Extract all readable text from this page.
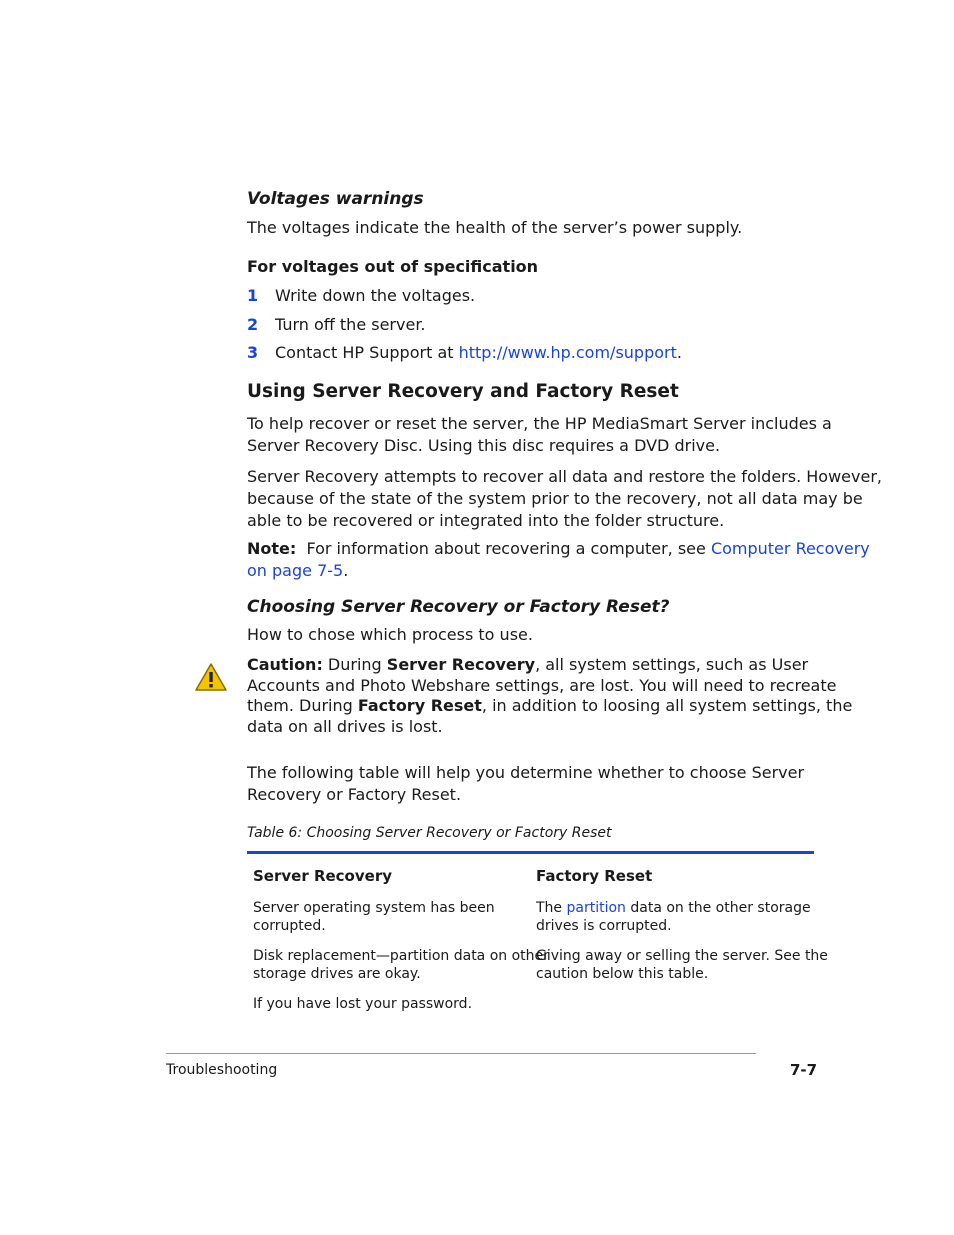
Voltages warnings
The voltages indicate the health of the server’s power supply.
For voltages out of specification
1 Write down the voltages.
2 Turn off the server.
3 Contact HP Support at http://www.hp.com/support.
Using Server Recovery and Factory Reset
To help recover or reset the server, the HP MediaSmart Server includes a
Server Recovery Disc. Using this disc requires a DVD drive.
Server Recovery attempts to recover all data and restore the folders. However,
because of the state of the system prior to the recovery, not all data may be
able to be recovered or integrated into the folder structure.
Note: For information about recovering a computer, see Computer Recovery
on page 7-5.
Choosing Server Recovery or Factory Reset?
How to chose which process to use.
Caution: During Server Recovery, all system settings, such as User
Accounts and Photo Webshare settings, are lost. You will need to recreate
them. During Factory Reset, in addition to loosing all system settings, the
data on all drives is lost.
The following table will help you determine whether to choose Server
Recovery or Factory Reset.
Table 6: Choosing Server Recovery or Factory Reset
Server Recovery	Factory Reset
Server operating system has been
corrupted.
The partition data on the other storage
drives is corrupted.
Disk replacement—partition data on other
storage drives are okay.
Giving away or selling the server. See the
caution below this table.
If you have lost your password.
Troubleshooting	7-7
